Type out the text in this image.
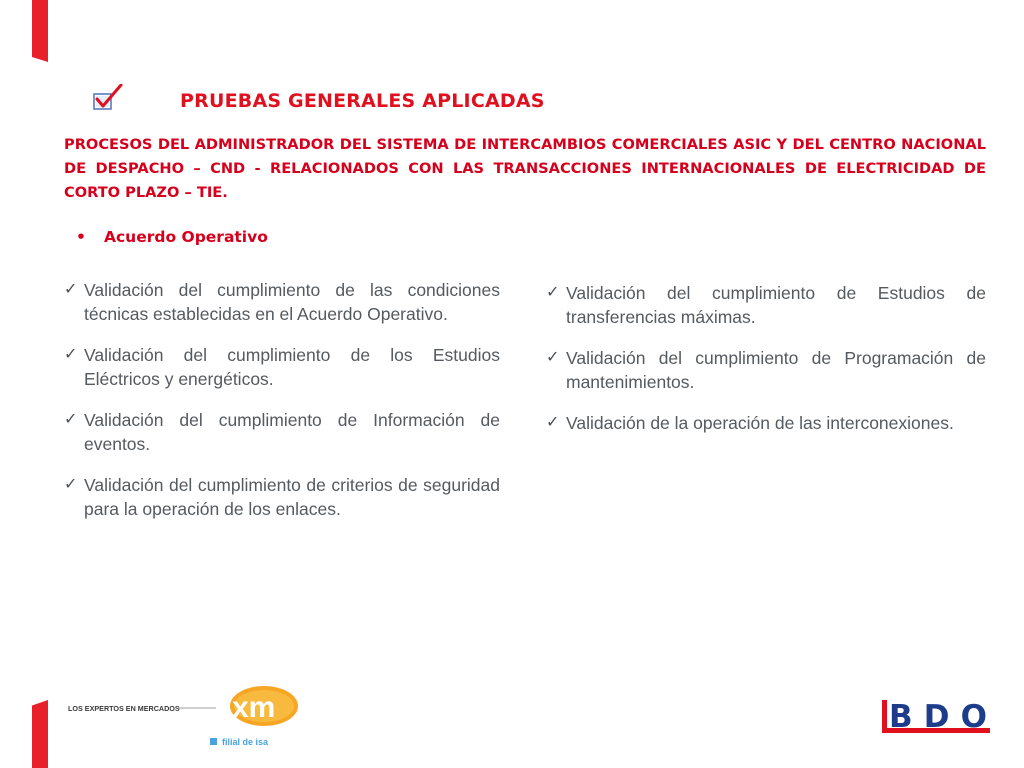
PRUEBAS GENERALES APLICADAS
PROCESOS DEL ADMINISTRADOR DEL SISTEMA DE INTERCAMBIOS COMERCIALES ASIC Y DEL CENTRO NACIONAL DE DESPACHO – CND - RELACIONADOS CON LAS TRANSACCIONES INTERNACIONALES DE ELECTRICIDAD DE CORTO PLAZO – TIE.
• Acuerdo Operativo
✓ Validación del cumplimiento de las condiciones técnicas establecidas en el Acuerdo Operativo.
✓ Validación del cumplimiento de los Estudios Eléctricos y energéticos.
✓ Validación del cumplimiento de Información de eventos.
✓ Validación del cumplimiento de criterios de seguridad para la operación de los enlaces.
✓ Validación del cumplimiento de Estudios de transferencias máximas.
✓ Validación del cumplimiento de Programación de mantenimientos.
✓ Validación de la operación de las interconexiones.
LOS EXPERTOS EN MERCADOS xm
filial de isa
BDO
